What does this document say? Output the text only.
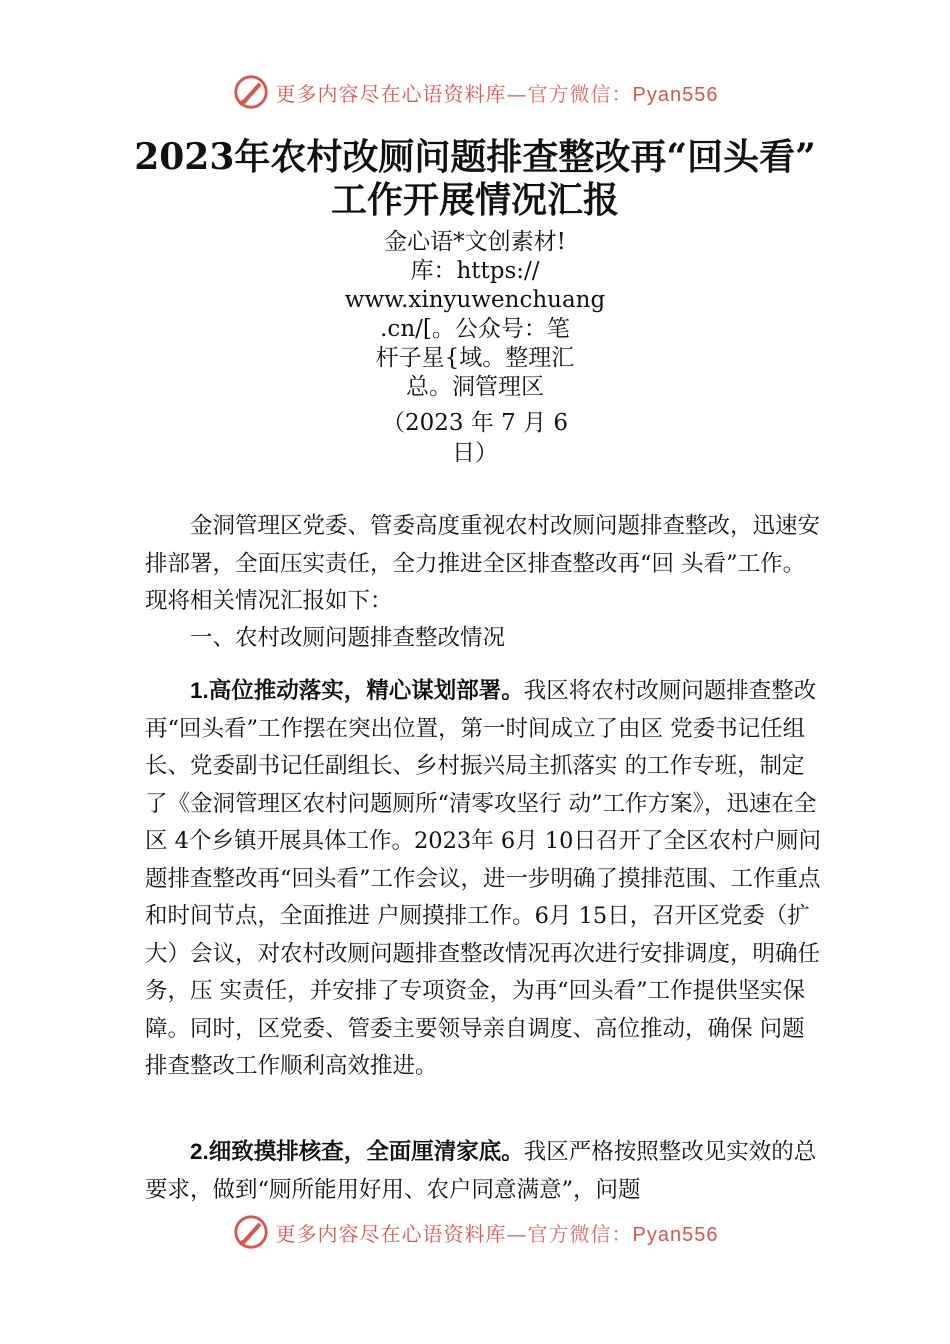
更多内容尽在心语资料库—官方微信：Pyan556
2023年农村改厕问题排查整改再“回头看”
工作开展情况汇报
金心语*文创素材!
库：https://
www.xinyuwenchuang
.cn/[。公众号：笔
杆子星{域。整理汇
总。洞管理区
（2023 年 7 月 6
日）

金洞管理区党委、管委高度重视农村改厕问题排查整改，迅速安排部署，全面压实责任，全力推进全区排查整改再“回 头看”工作。现将相关情况汇报如下：

一、农村改厕问题排查整改情况

1.高位推动落实，精心谋划部署。我区将农村改厕问题排查整改再“回头看”工作摆在突出位置，第一时间成立了由区 党委书记任组长、党委副书记任副组长、乡村振兴局主抓落实 的工作专班，制定了《金洞管理区农村问题厕所“清零攻坚行 动”工作方案》，迅速在全区 4个乡镇开展具体工作。2023年 6月 10日召开了全区农村户厕问题排查整改再“回头看”工作会议，进一步明确了摸排范围、工作重点和时间节点，全面推进 户厕摸排工作。6月 15日，召开区党委（扩大）会议，对农村改厕问题排查整改情况再次进行安排调度，明确任务，压 实责任，并安排了专项资金，为再“回头看”工作提供坚实保 障。同时，区党委、管委主要领导亲自调度、高位推动，确保 问题排查整改工作顺利高效推进。

2.细致摸排核查，全面厘清家底。我区严格按照整改见实效的总要求，做到“厕所能用好用、农户同意满意”，问题

更多内容尽在心语资料库—官方微信：Pyan556
